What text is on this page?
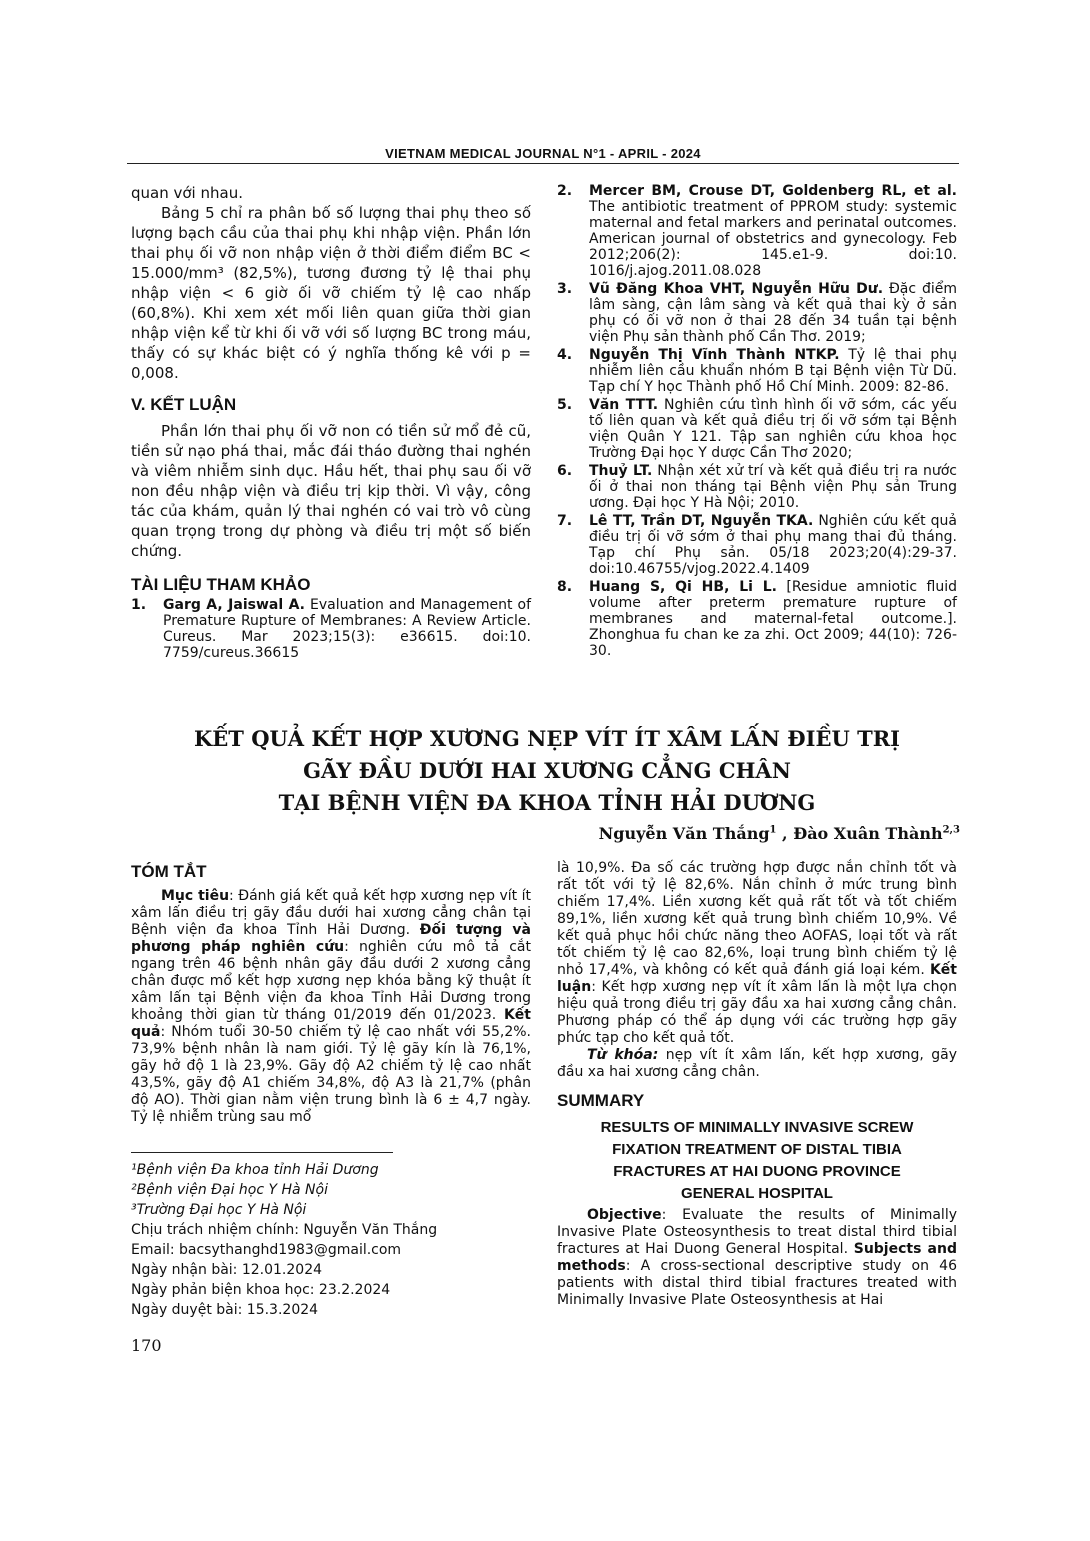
VIETNAM MEDICAL JOURNAL N°1 - APRIL - 2024

quan với nhau.

Bảng 5 chỉ ra phân bố số lượng thai phụ theo số lượng bạch cầu của thai phụ khi nhập viện. Phần lớn thai phụ ối vỡ non nhập viện ở thời điểm điểm BC < 15.000/mm³ (82,5%), tương đương tỷ lệ thai phụ nhập viện < 6 giờ ối vỡ chiếm tỷ lệ cao nhấp (60,8%). Khi xem xét mối liên quan giữa thời gian nhập viện kể từ khi ối vỡ với số lượng BC trong máu, thấy có sự khác biệt có ý nghĩa thống kê với p = 0,008.

V. KẾT LUẬN

Phần lớn thai phụ ối vỡ non có tiền sử mổ đẻ cũ, tiền sử nạo phá thai, mắc đái tháo đường thai nghén và viêm nhiễm sinh dục. Hầu hết, thai phụ sau ối vỡ non đều nhập viện và điều trị kịp thời. Vì vậy, công tác của khám, quản lý thai nghén có vai trò vô cùng quan trọng trong dự phòng và điều trị một số biến chứng.

TÀI LIỆU THAM KHẢO
1.	Garg A, Jaiswal A. Evaluation and Management of Premature Rupture of Membranes: A Review Article. Cureus. Mar 2023;15(3): e36615. doi:10. 7759/cureus.36615
2.	Mercer BM, Crouse DT, Goldenberg RL, et al. The antibiotic treatment of PPROM study: systemic maternal and fetal markers and perinatal outcomes. American journal of obstetrics and gynecology. Feb 2012;206(2): 145.e1-9. doi:10. 1016/j.ajog.2011.08.028
3.	Vũ Đăng Khoa VHT, Nguyễn Hữu Dư. Đặc điểm lâm sàng, cận lâm sàng và kết quả thai kỳ ở sản phụ có ối vỡ non ở thai 28 đến 34 tuần tại bệnh viện Phụ sản thành phố Cần Thơ. 2019;
4.	Nguyễn Thị Vĩnh Thành NTKP. Tỷ lệ thai phụ nhiễm liên cầu khuẩn nhóm B tại Bệnh viện Từ Dũ. Tạp chí Y học Thành phố Hồ Chí Minh. 2009: 82-86.
5.	Văn TTT. Nghiên cứu tình hình ối vỡ sớm, các yếu tố liên quan và kết quả điều trị ối vỡ sớm tại Bệnh viện Quân Y 121. Tập san nghiên cứu khoa học Trường Đại học Y dược Cần Thơ 2020;
6.	Thuỷ LT. Nhận xét xử trí và kết quả điều trị ra nước ối ở thai non tháng tại Bệnh viện Phụ sản Trung ương. Đại học Y Hà Nội; 2010.
7.	Lê TT, Trần DT, Nguyễn TKA. Nghiên cứu kết quả điều trị ối vỡ sớm ở thai phụ mang thai đủ tháng. Tạp chí Phụ sản. 05/18 2023;20(4):29-37. doi:10.46755/vjog.2022.4.1409
8.	Huang S, Qi HB, Li L. [Residue amniotic fluid volume after preterm premature rupture of membranes and maternal-fetal outcome.]. Zhonghua fu chan ke za zhi. Oct 2009; 44(10): 726-30.
KẾT QUẢ KẾT HỢP XƯƠNG NẸP VÍT ÍT XÂM LẤN ĐIỀU TRỊ
GÃY ĐẦU DƯỚI HAI XƯƠNG CẲNG CHÂN
TẠI BỆNH VIỆN ĐA KHOA TỈNH HẢI DƯƠNG
Nguyễn Văn Thắng$^1$ , Đào Xuân Thành$^{2,3}$
TÓM TẮT

Mục tiêu: Đánh giá kết quả kết hợp xương nẹp vít ít xâm lấn điều trị gãy đầu dưới hai xương cẳng chân tại Bệnh viện đa khoa Tỉnh Hải Dương. Đối tượng và phương pháp nghiên cứu: nghiên cứu mô tả cắt ngang trên 46 bệnh nhân gãy đầu dưới 2 xương cẳng chân được mổ kết hợp xương nẹp khóa bằng kỹ thuật ít xâm lấn tại Bệnh viện đa khoa Tỉnh Hải Dương trong khoảng thời gian từ tháng 01/2019 đến 01/2023. Kết quả: Nhóm tuổi 30-50 chiếm tỷ lệ cao nhất với 55,2%. 73,9% bệnh nhân là nam giới. Tỷ lệ gãy kín là 76,1%, gãy hở độ 1 là 23,9%. Gãy độ A2 chiếm tỷ lệ cao nhất 43,5%, gãy độ A1 chiếm 34,8%, độ A3 là 21,7% (phân độ AO). Thời gian nằm viện trung bình là 6 ± 4,7 ngày. Tỷ lệ nhiễm trùng sau mổ

¹Bệnh viện Đa khoa tỉnh Hải Dương
²Bệnh viện Đại học Y Hà Nội
³Trường Đại học Y Hà Nội
Chịu trách nhiệm chính: Nguyễn Văn Thắng
Email: bacsythanghd1983@gmail.com
Ngày nhận bài: 12.01.2024
Ngày phản biện khoa học: 23.2.2024
Ngày duyệt bài: 15.3.2024

là 10,9%. Đa số các trường hợp được nắn chỉnh tốt và rất tốt với tỷ lệ 82,6%. Nắn chỉnh ở mức trung bình chiếm 17,4%. Liền xương kết quả rất tốt và tốt chiếm 89,1%, liền xương kết quả trung bình chiếm 10,9%. Về kết quả phục hồi chức năng theo AOFAS, loại tốt và rất tốt chiếm tỷ lệ cao 82,6%, loại trung bình chiếm tỷ lệ nhỏ 17,4%, và không có kết quả đánh giá loại kém. Kết luận: Kết hợp xương nẹp vít ít xâm lấn là một lựa chọn hiệu quả trong điều trị gãy đầu xa hai xương cẳng chân. Phương pháp có thể áp dụng với các trường hợp gãy phức tạp cho kết quả tốt.

Từ khóa: nẹp vít ít xâm lấn, kết hợp xương, gãy đầu xa hai xương cẳng chân.

SUMMARY
RESULTS OF MINIMALLY INVASIVE SCREW
FIXATION TREATMENT OF DISTAL TIBIA
FRACTURES AT HAI DUONG PROVINCE
GENERAL HOSPITAL

Objective: Evaluate the results of Minimally Invasive Plate Osteosynthesis to treat distal third tibial fractures at Hai Duong General Hospital. Subjects and methods: A cross-sectional descriptive study on 46 patients with distal third tibial fractures treated with Minimally Invasive Plate Osteosynthesis at Hai

170
